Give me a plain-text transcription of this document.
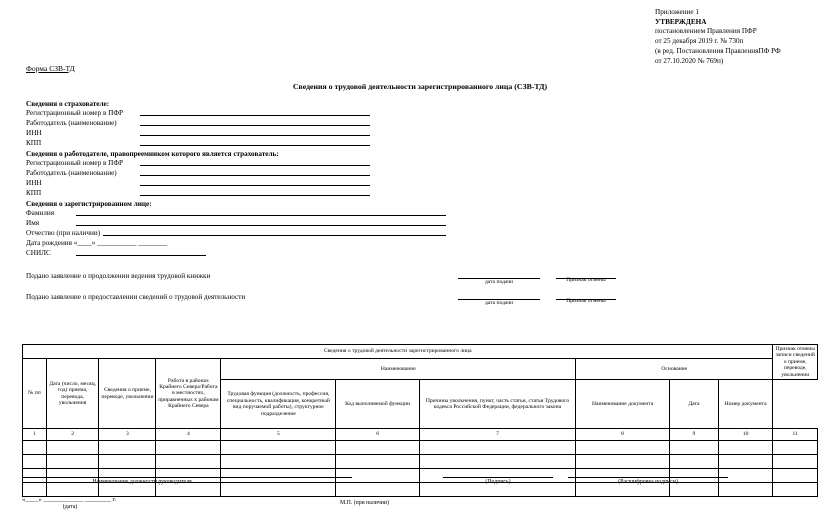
Приложение 1
УТВЕРЖДЕНА
постановлением Правления ПФР
от 25 декабря 2019 г. № 730п
(в ред. Постановления ПравленияПФ РФ
от 27.10.2020 № 769п)
Форма СЗВ-ТД
Сведения о трудовой деятельности зарегистрированного лица (СЗВ-ТД)
Сведения о страхователе:
Регистрационный номер в ПФР
Работодатель (наименование)
ИНН
КПП
Сведения о работодателе, правопреемником которого является страхователь:
Регистрационный номер в ПФР
Работодатель (наименование)
ИНН
КПП
Сведения о зарегистрированном лице:
Фамилия
Имя
Отчество (при наличии)
Дата рождения «____» ___________ ________
СНИЛС
Подано заявление о продолжении ведения трудовой книжки
дата подачи	Признак отмены
Подано заявление о предоставлении сведений о трудовой деятельности
дата подачи	Признак отмены
Сведения о трудовой деятельности зарегистрированного лица										Признак отмены записи сведений о приеме, переводе, увольнении
№ пп	Дата (число, месяц, год) приема, перевода, увольнения	Сведения о приеме, переводе, увольнении	Работа в районах Крайнего Севера/Работа в местностях, приравненных к районам Крайнего Севера	Наименование			Основание			
				Трудовая функция (должность, профессия, специальность, квалификация, конкретный вид поручаемой работы), структурное подразделение	Код выполняемой функции	Причины увольнения, пункт, часть статьи, статья Трудового кодекса Российской Федерации, федерального закона	Наименование документа	Дата	Номер документа	
1	2	3	4	5	6	7	8	9	10	11

Наименование должности руководителя	(Подпись)	(Расшифровка подписи)
«____» ____________ ________ г.
(дата)
М.П. (при наличии)
